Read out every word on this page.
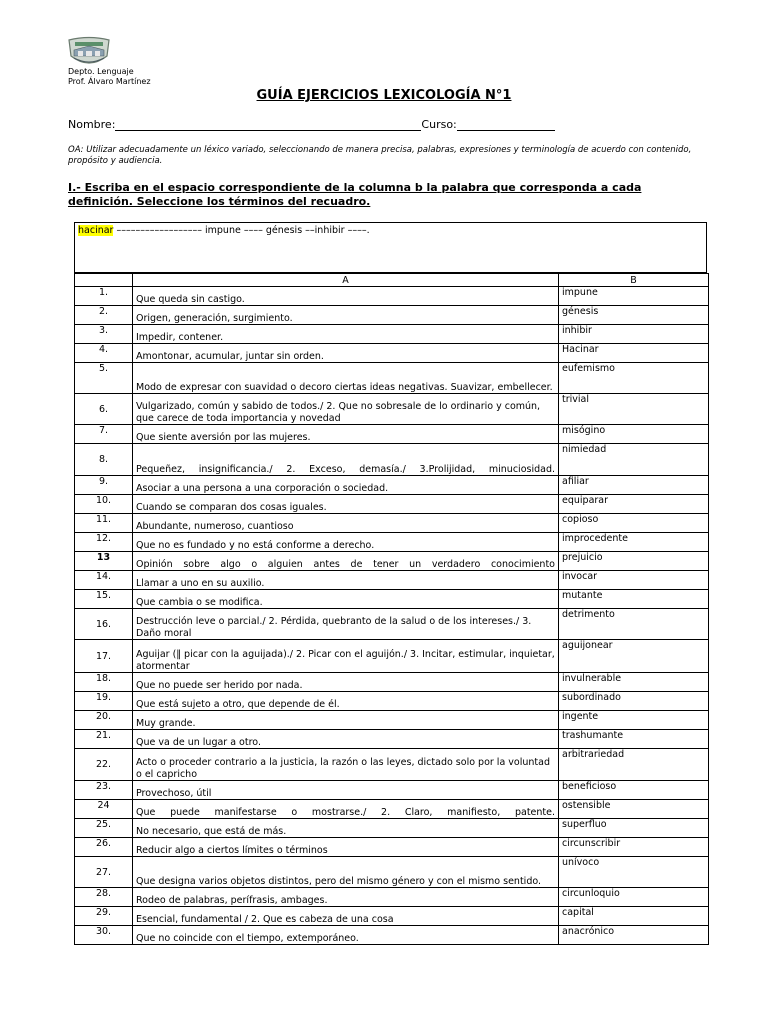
Depto. Lenguaje
Prof. Álvaro Martínez
GUÍA EJERCICIOS LEXICOLOGÍA N°1
Nombre:	Curso:
OA: Utilizar adecuadamente un léxico variado, seleccionando de manera precisa, palabras, expresiones y terminología de acuerdo con contenido, propósito y audiencia.
I.- Escriba en el espacio correspondiente de la columna b la palabra que corresponda a cada definición. Seleccione los términos del recuadro.
hacinar –––––––––––––––––– impune –––– génesis ––inhibir ––––.
	A	B
1.	Que queda sin castigo.	impune
2.	Origen, generación, surgimiento.	génesis
3.	Impedir, contener.	inhibir
4.	Amontonar, acumular, juntar sin orden.	Hacinar
5.	Modo de expresar con suavidad o decoro ciertas ideas negativas. Suavizar, embellecer.	eufemismo
6.	Vulgarizado, común y sabido de todos./ 2. Que no sobresale de lo ordinario y común, que carece de toda importancia y novedad	trivial
7.	Que siente aversión por las mujeres.	misógino
8.	Pequeñez, insignificancia./ 2. Exceso, demasía./ 3.Prolijidad, minuciosidad.	nimiedad
9.	Asociar a una persona a una corporación o sociedad.	afiliar
10.	Cuando se comparan dos cosas iguales.	equiparar
11.	Abundante, numeroso, cuantioso	copioso
12.	Que no es fundado y no está conforme a derecho.	improcedente
13	Opinión sobre algo o alguien antes de tener un verdadero conocimiento	prejuicio
14.	Llamar a uno en su auxilio.	invocar
15.	Que cambia o se modifica.	mutante
16.	Destrucción leve o parcial./ 2. Pérdida, quebranto de la salud o de los intereses./ 3. Daño moral	detrimento
17.	Aguijar (‖ picar con la aguijada)./ 2. Picar con el aguijón./ 3. Incitar, estimular, inquietar, atormentar	aguijonear
18.	Que no puede ser herido por nada.	invulnerable
19.	Que está sujeto a otro, que depende de él.	subordinado
20.	Muy grande.	ingente
21.	Que va de un lugar a otro.	trashumante
22.	Acto o proceder contrario a la justicia, la razón o las leyes, dictado solo por la voluntad o el capricho	arbitrariedad
23.	Provechoso, útil	beneficioso
24	Que puede manifestarse o mostrarse./ 2. Claro, manifiesto, patente.	ostensible
25.	No necesario, que está de más.	superfluo
26.	Reducir algo a ciertos límites o términos	circunscribir
27.	Que designa varios objetos distintos, pero del mismo género y con el mismo sentido.	unívoco
28.	Rodeo de palabras, perífrasis, ambages.	circunloquio
29.	Esencial, fundamental / 2. Que es cabeza de una cosa	capital
30.	Que no coincide con el tiempo, extemporáneo.	anacrónico
